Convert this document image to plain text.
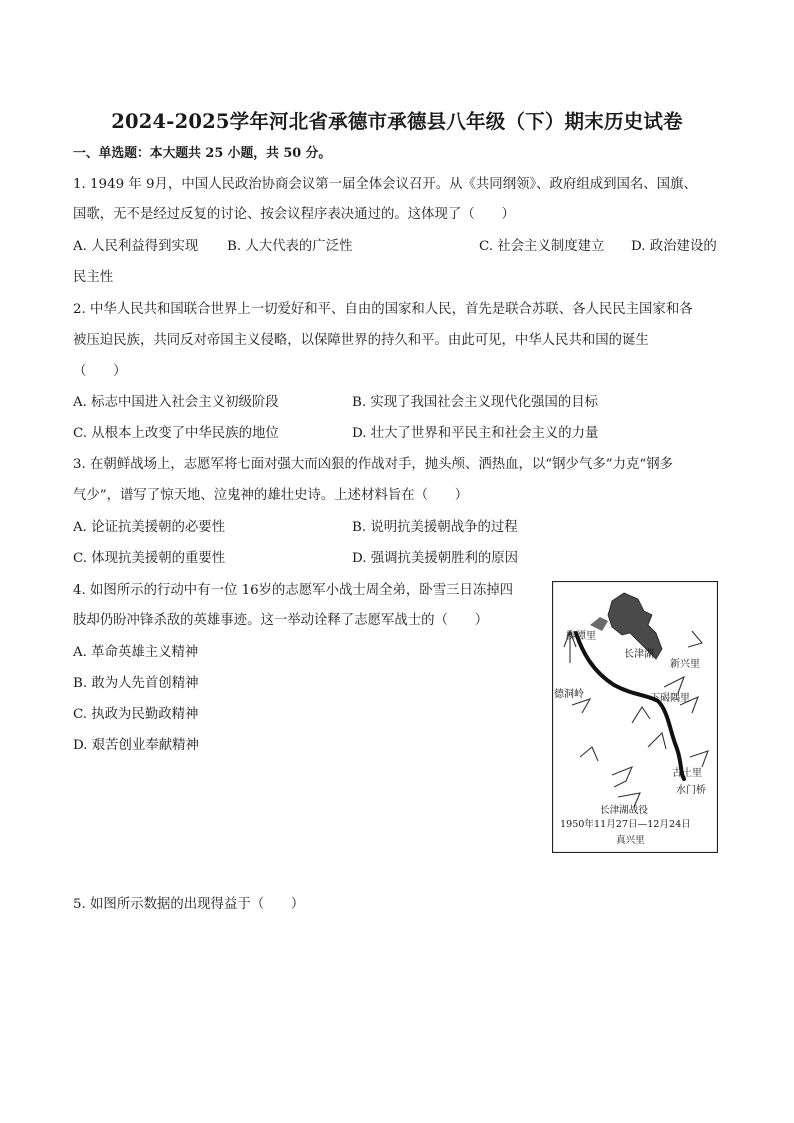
2024-2025学年河北省承德市承德县八年级（下）期末历史试卷
一、单选题：本大题共 25 小题，共 50 分。
1. 1949 年 9月，中国人民政治协商会议第一届全体会议召开。从《共同纲领》、政府组成到国名、国旗、
国歌，无不是经过反复的讨论、按会议程序表决通过的。这体现了（　　）
A. 人民利益得到实现 B. 人大代表的广泛性	C. 社会主义制度建立 D. 政治建设的
民主性
2. 中华人民共和国联合世界上一切爱好和平、自由的国家和人民，首先是联合苏联、各人民民主国家和各
被压迫民族，共同反对帝国主义侵略，以保障世界的持久和平。由此可见，中华人民共和国的诞生
（　　）
A. 标志中国进入社会主义初级阶段	B. 实现了我国社会主义现代化强国的目标
C. 从根本上改变了中华民族的地位	D. 壮大了世界和平民主和社会主义的力量
3. 在朝鲜战场上，志愿军将七面对强大而凶狠的作战对手，抛头颅、洒热血，以“钢少气多”力克“钢多
气少”，谱写了惊天地、泣鬼神的雄壮史诗。上述材料旨在（　　）
A. 论证抗美援朝的必要性	B. 说明抗美援朝战争的过程
C. 体现抗美援朝的重要性	D. 强调抗美援朝胜利的原因
4. 如图所示的行动中有一位 16岁的志愿军小战士周全弟，卧雪三日冻掉四
肢却仍盼冲锋杀敌的英雄事迹。这一举动诠释了志愿军战士的（　　）
A. 革命英雄主义精神
B. 敢为人先首创精神
C. 执政为民勤政精神
D. 艰苦创业奉献精神
柳潭里
长津湖
新兴里
德洞岭	下碣隅里
古土里
水门桥
长津湖战役
1950年11月27日—12月24日
真兴里
5. 如图所示数据的出现得益于（　　）
